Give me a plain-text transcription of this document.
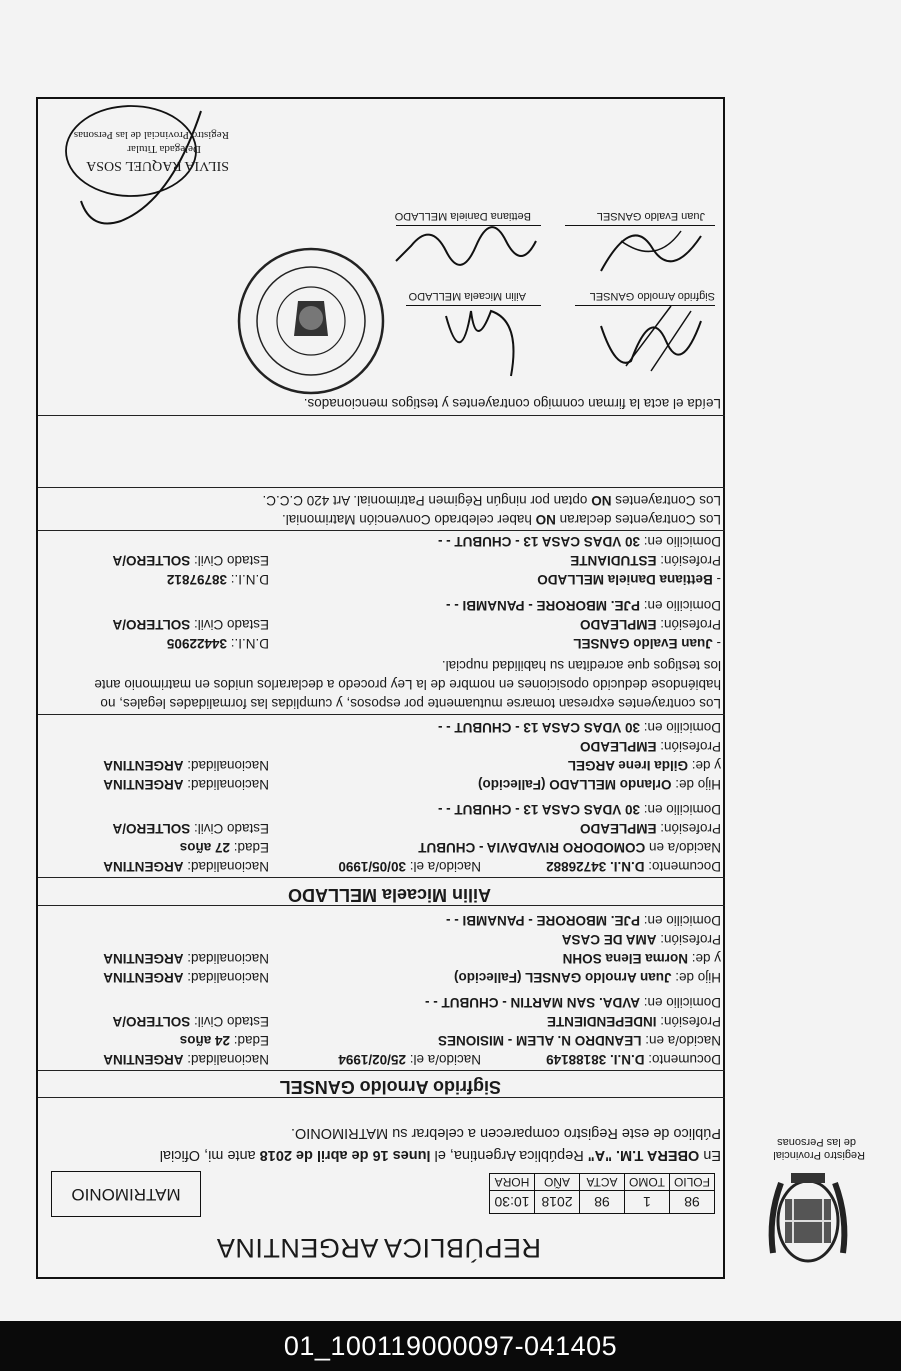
Registro Provincial
de las Personas
REPÚBLICA ARGENTINA
98	1	98	2018	10:30
FOLIO	TOMO	ACTA	AÑO	HORA
MATRIMONIO
En OBERA T.M. "A" República Argentina, el lunes 16 de abril de 2018 ante mi, Oficial
Público de este Registro comparecen a celebrar su MATRIMONIO.
Sigfrido Arnoldo GANSEL
Documento: D.N.I. 38188149
Nacido/a el: 25/02/1994
Nacionalidad: ARGENTINA
Nacido/a en: LEANDRO N. ALEM - MISIONES
Edad: 24 años
Profesión: INDEPENDIENTE
Estado Civil: SOLTERO/A
Domicilio en: AVDA. SAN MARTIN - CHUBUT - -
Hijo de: Juan Arnoldo GANSEL (Fallecido)
Nacionalidad: ARGENTINA
y de: Norma Elena SOHN
Nacionalidad: ARGENTINA
Profesión: AMA DE CASA
Domicilio en: PJE. MBORORE - PANAMBI - -
Ailin Micaela MELLADO
Documento: D.N.I. 34726882
Nacido/a el: 30/05/1990
Nacionalidad: ARGENTINA
Nacido/a en COMODORO RIVADAVIA - CHUBUT
Edad: 27 años
Profesión: EMPLEADO
Estado Civil: SOLTERO/A
Domicilio en: 30 VDAS CASA 13 - CHUBUT - -
Hijo de: Orlando MELLADO (Fallecido)
Nacionalidad: ARGENTINA
y de: Gilda Irene ARGEL
Nacionalidad: ARGENTINA
Profesión: EMPLEADO
Domicilio en: 30 VDAS CASA 13 - CHUBUT - -
Los contrayentes expresan tomarse mutuamente por esposos, y cumplidas las formalidades legales, no
habiéndose deducido oposiciones en nombre de la Ley procedo a declararlos unidos en matrimonio ante
los testigos que acreditan su habilidad nupcial.
- Juan Evaldo GANSEL
D.N.I.: 34422905
Profesión: EMPLEADO
Estado Civil: SOLTERO/A
Domicilio en: PJE. MBORORE - PANAMBI - -
- Bettiana Daniela MELLADO
D.N.I.: 38797812
Profesión: ESTUDIANTE
Estado Civil: SOLTERO/A
Domicilio en: 30 VDAS CASA 13 - CHUBUT - -
Los Contrayentes declaran NO haber celebrado Convención Matrimonial.
Los Contrayentes NO optan por ningún Régimen Patrimonial. Art 420 C.C.C.
Leída el acta la firman conmigo contrayentes y testigos mencionados.
Sigfrido Arnoldo GANSEL
Ailin Micaela MELLADO
Juan Evaldo GANSEL
Bettiana Daniela MELLADO
SILVIA RAQUEL SOSA
Delegada Titular
Registro Provincial de las Personas
01_100119000097-041405
